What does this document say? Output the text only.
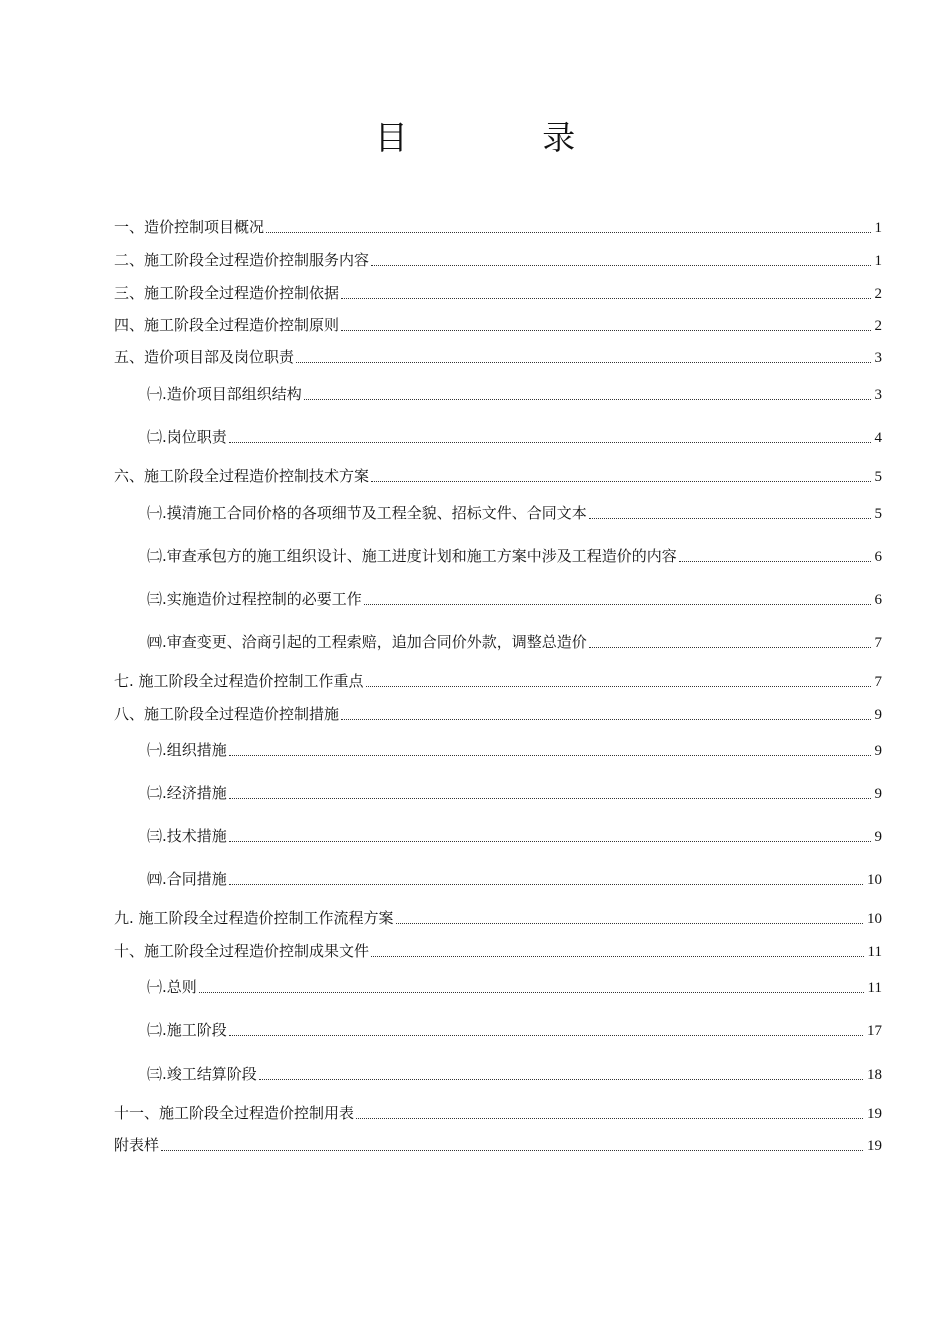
目 录
一、造价控制项目概况	1
二、施工阶段全过程造价控制服务内容	1
三、施工阶段全过程造价控制依据	2
四、施工阶段全过程造价控制原则	2
五、造价项目部及岗位职责	3
㈠.造价项目部组织结构	3
㈡.岗位职责	4
六、施工阶段全过程造价控制技术方案	5
㈠.摸清施工合同价格的各项细节及工程全貌、招标文件、合同文本	5
㈡.审查承包方的施工组织设计、施工进度计划和施工方案中涉及工程造价的内容	6
㈢.实施造价过程控制的必要工作	6
㈣.审查变更、洽商引起的工程索赔，追加合同价外款，调整总造价	7
七. 施工阶段全过程造价控制工作重点	7
八、施工阶段全过程造价控制措施	9
㈠.组织措施	9
㈡.经济措施	9
㈢.技术措施	9
㈣.合同措施	10
九. 施工阶段全过程造价控制工作流程方案	10
十、施工阶段全过程造价控制成果文件	11
㈠.总则	11
㈡.施工阶段	17
㈢.竣工结算阶段	18
十一、施工阶段全过程造价控制用表	19
附表样	19
